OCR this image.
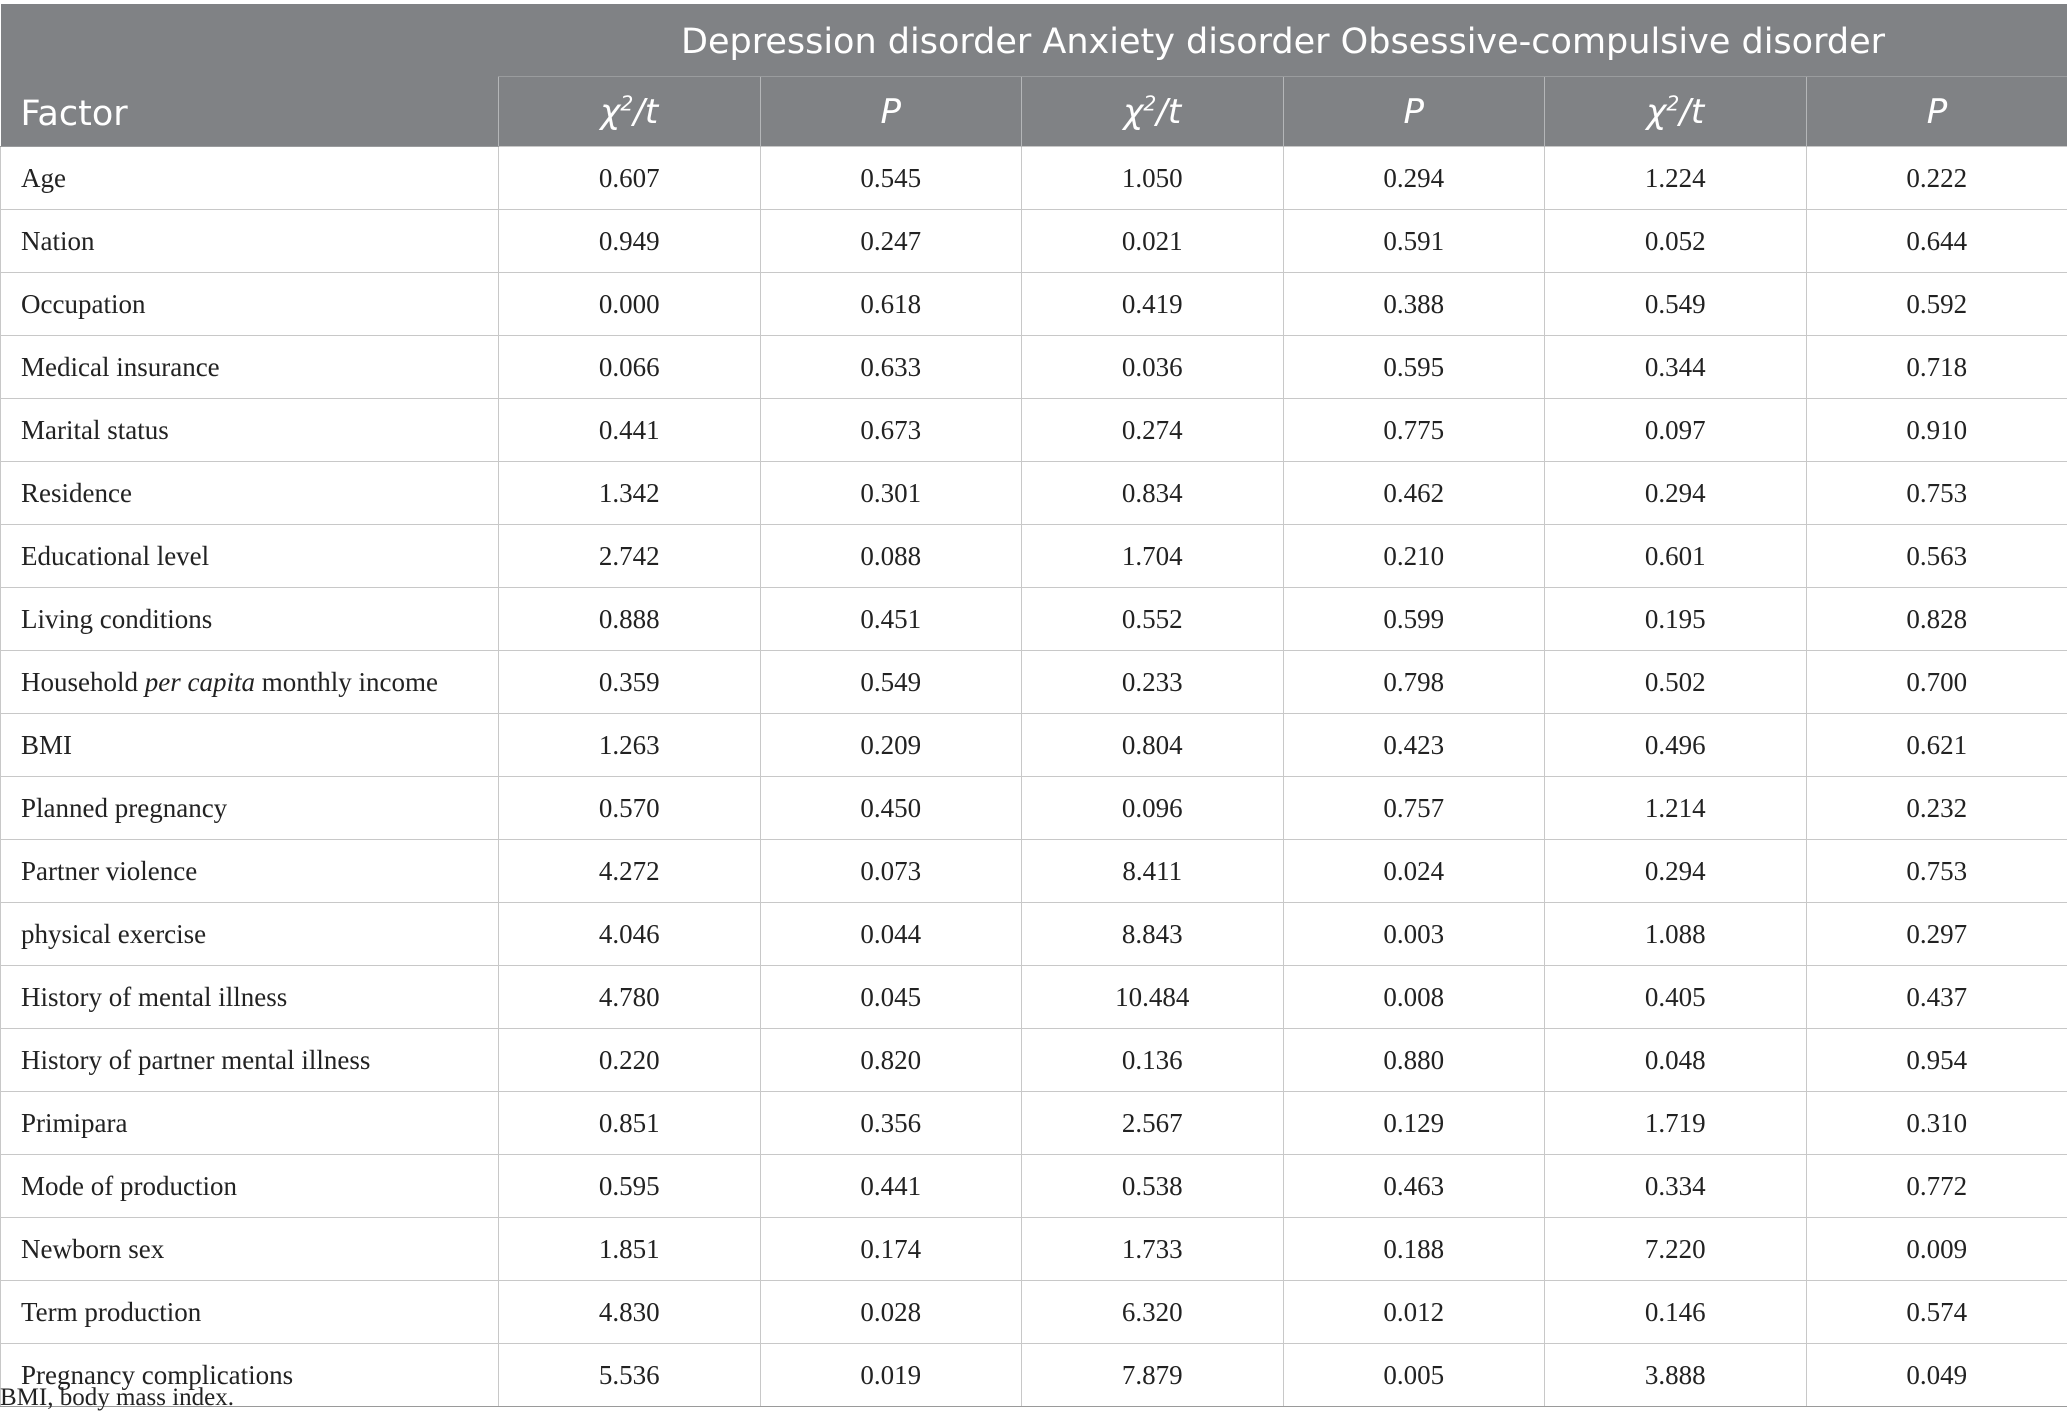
Factor	Depression disorder Anxiety disorder Obsessive-compulsive disorder					
	$\chi^2/t$	P	$\chi^2/t$	P	$\chi^2/t$	P
Age	0.607	0.545	1.050	0.294	1.224	0.222
Nation	0.949	0.247	0.021	0.591	0.052	0.644
Occupation	0.000	0.618	0.419	0.388	0.549	0.592
Medical insurance	0.066	0.633	0.036	0.595	0.344	0.718
Marital status	0.441	0.673	0.274	0.775	0.097	0.910
Residence	1.342	0.301	0.834	0.462	0.294	0.753
Educational level	2.742	0.088	1.704	0.210	0.601	0.563
Living conditions	0.888	0.451	0.552	0.599	0.195	0.828
Household per capita monthly income	0.359	0.549	0.233	0.798	0.502	0.700
BMI	1.263	0.209	0.804	0.423	0.496	0.621
Planned pregnancy	0.570	0.450	0.096	0.757	1.214	0.232
Partner violence	4.272	0.073	8.411	0.024	0.294	0.753
physical exercise	4.046	0.044	8.843	0.003	1.088	0.297
History of mental illness	4.780	0.045	10.484	0.008	0.405	0.437
History of partner mental illness	0.220	0.820	0.136	0.880	0.048	0.954
Primipara	0.851	0.356	2.567	0.129	1.719	0.310
Mode of production	0.595	0.441	0.538	0.463	0.334	0.772
Newborn sex	1.851	0.174	1.733	0.188	7.220	0.009
Term production	4.830	0.028	6.320	0.012	0.146	0.574
Pregnancy complications	5.536	0.019	7.879	0.005	3.888	0.049
BMI, body mass index.
